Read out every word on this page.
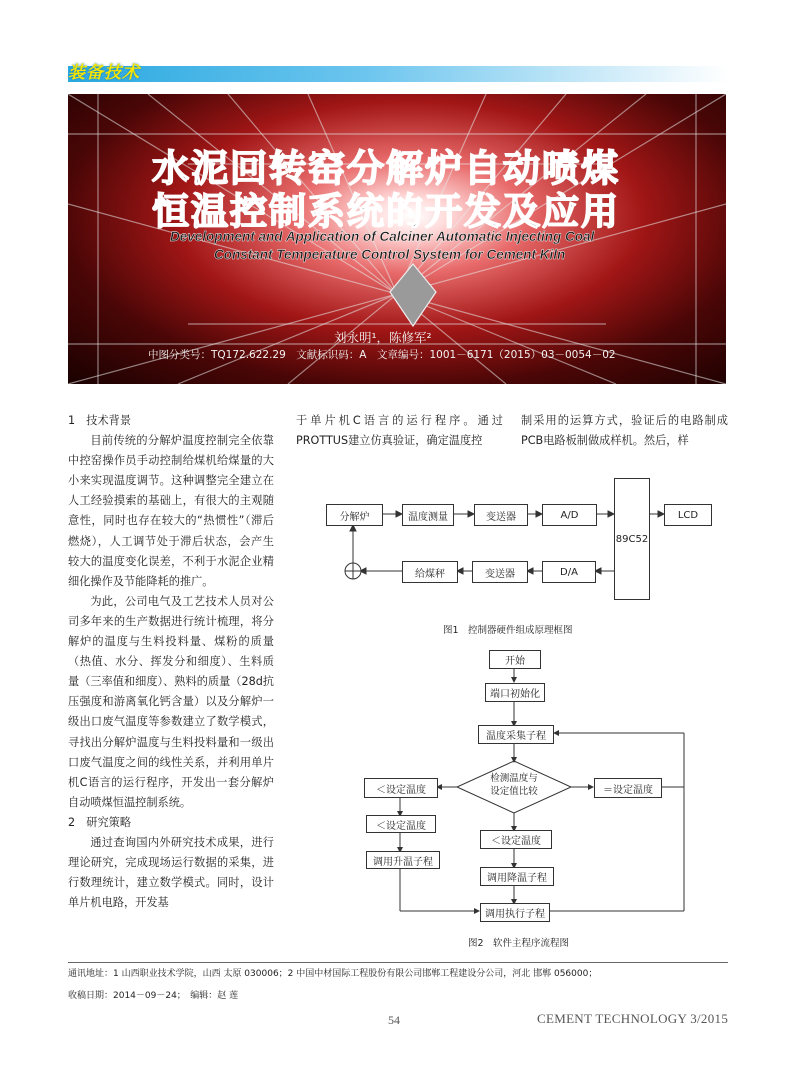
装备技术
水泥回转窑分解炉自动喷煤
恒温控制系统的开发及应用
Development and Application of Calciner Automatic Injecting Coal
Constant Temperature Control System for Cement Kiln
刘永明¹，陈修军²
中图分类号：TQ172.622.29　文献标识码：A　文章编号：1001－6171（2015）03－0054－02

1　技术背景

目前传统的分解炉温度控制完全依靠中控窑操作员手动控制给煤机给煤量的大小来实现温度调节。这种调整完全建立在人工经验摸索的基础上，有很大的主观随意性，同时也存在较大的“热惯性”（滞后燃烧），人工调节处于滞后状态，会产生较大的温度变化误差，不利于水泥企业精细化操作及节能降耗的推广。

为此，公司电气及工艺技术人员对公司多年来的生产数据进行统计梳理，将分解炉的温度与生料投料量、煤粉的质量（热值、水分、挥发分和细度）、生料质量（三率值和细度）、熟料的质量（28d抗压强度和游离氧化钙含量）以及分解炉一级出口废气温度等参数建立了数学模式，寻找出分解炉温度与生料投料量和一级出口废气温度之间的线性关系，并利用单片机C语言的运行程序，开发出一套分解炉自动喷煤恒温控制系统。

2　研究策略

通过查询国内外研究技术成果，进行理论研究，完成现场运行数据的采集，进行数理统计，建立数学模式。同时，设计单片机电路，开发基

于单片机C语言的运行程序。通过PROTTUS建立仿真验证，确定温度控

制采用的运算方式，验证后的电路制成PCB电路板制做成样机。然后，样

分解炉	温度测量	变送器	A/D
89C52
LCD
给煤秤	变送器	D/A
图1　控制器硬件组成原理框图
开始
端口初始化
温度采集子程
检测温度与
设定值比较
＜设定温度	＝设定温度
＜设定温度
调用升温子程
＜设定温度
调用降温子程
调用执行子程
图2　软件主程序流程图
通讯地址：1 山西职业技术学院，山西 太原 030006；2 中国中材国际工程股份有限公司邯郸工程建设分公司，河北 邯郸 056000；
收稿日期：2014－09－24；　编辑：赵 莲
54	CEMENT TECHNOLOGY 3/2015
